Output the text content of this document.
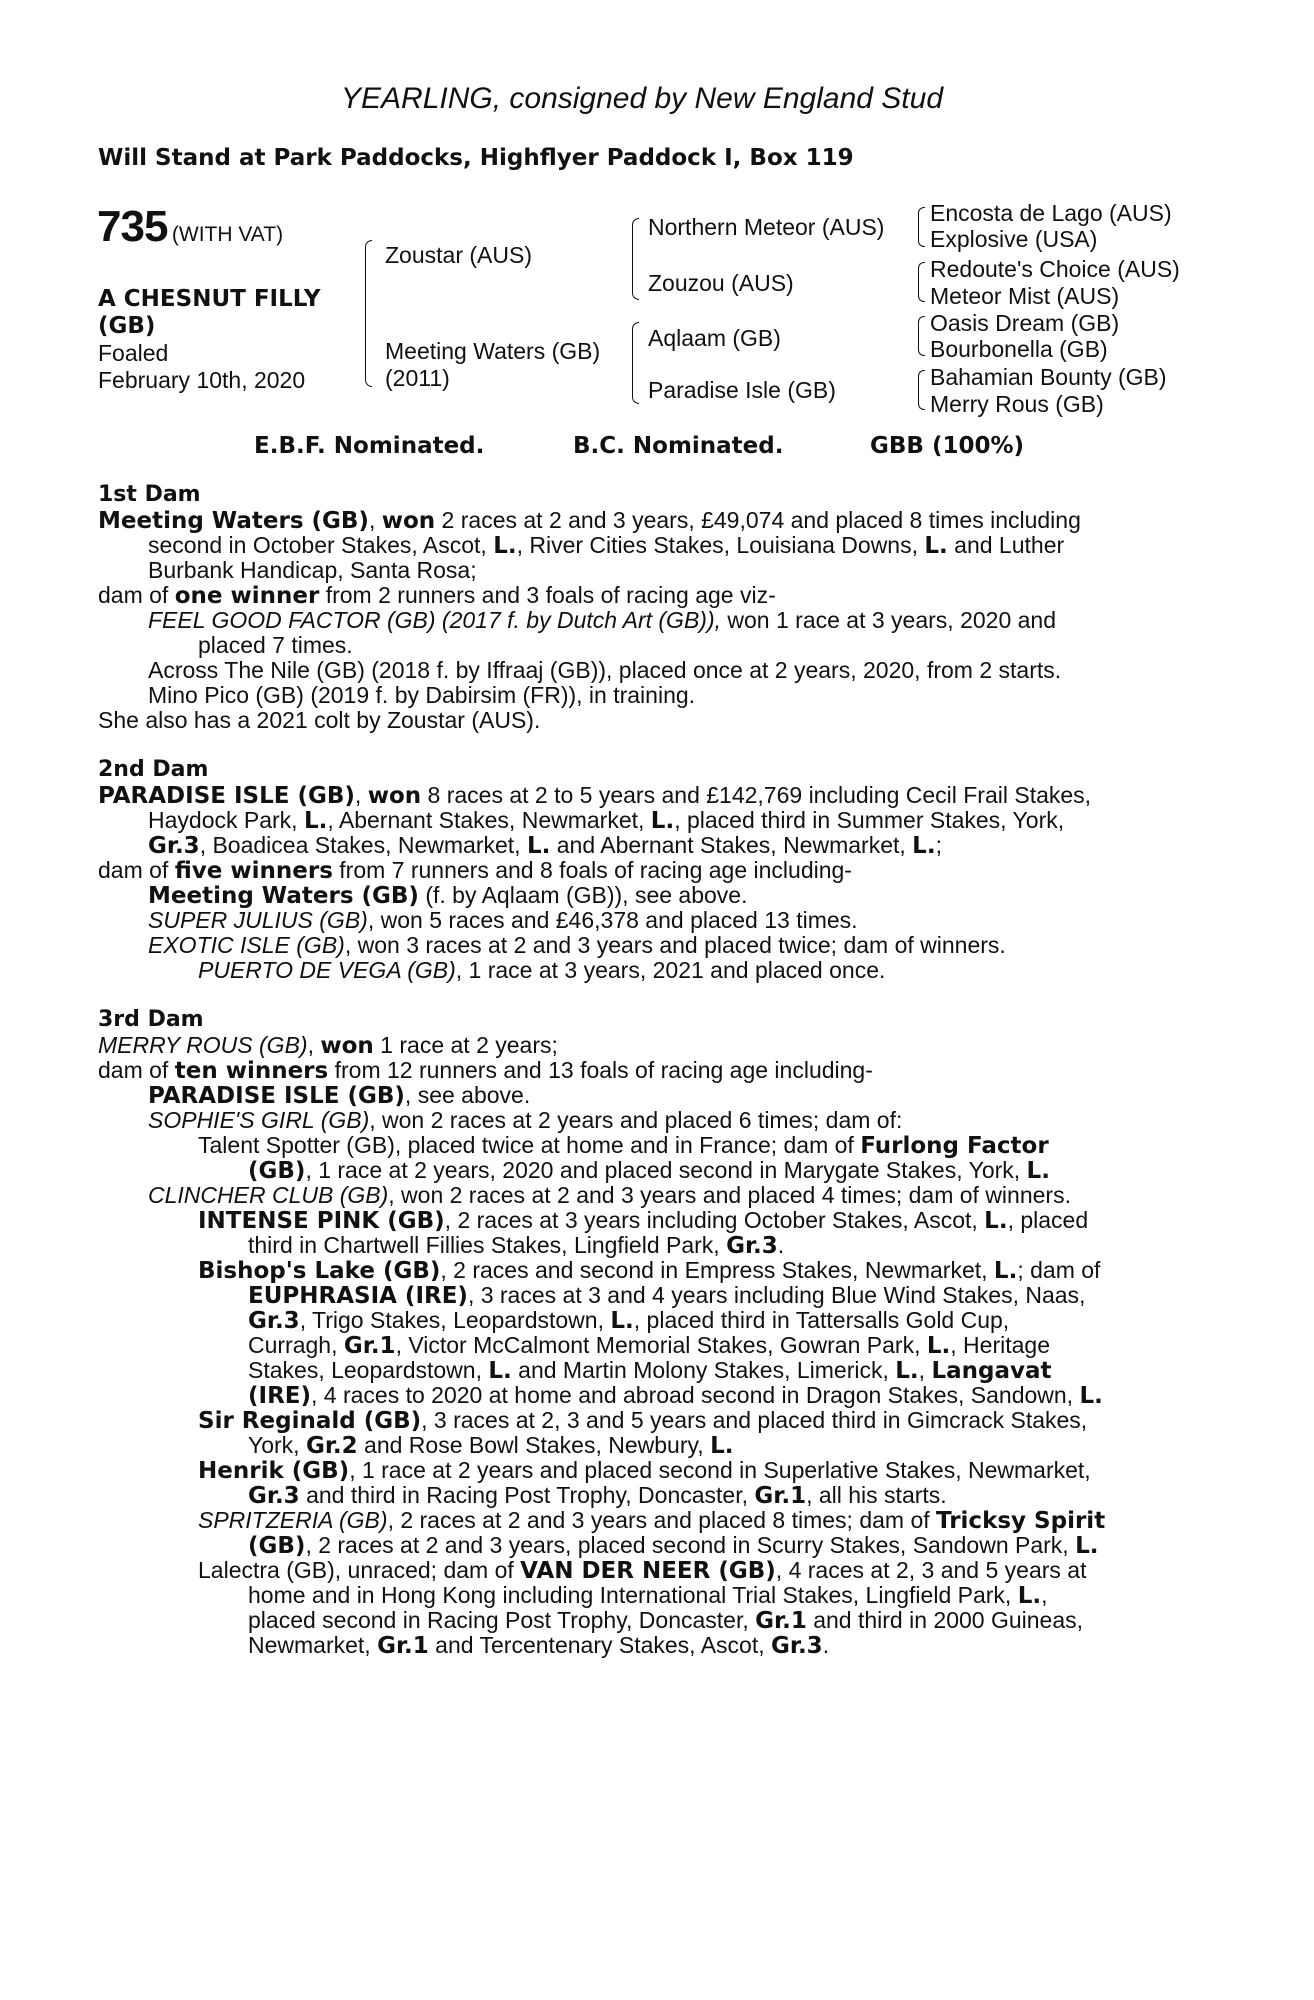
YEARLING, consigned by New England Stud
Will Stand at Park Paddocks, Highflyer Paddock I, Box 119
735 (WITH VAT)
A CHESNUT FILLY
(GB)
Foaled
February 10th, 2020
Zoustar (AUS)
Meeting Waters (GB)
(2011)
Northern Meteor (AUS)
Zouzou (AUS)
Aqlaam (GB)
Paradise Isle (GB)
Encosta de Lago (AUS)
Explosive (USA)
Redoute's Choice (AUS)
Meteor Mist (AUS)
Oasis Dream (GB)
Bourbonella (GB)
Bahamian Bounty (GB)
Merry Rous (GB)
E.B.F. Nominated.	B.C. Nominated.	GBB (100%)
1st Dam
Meeting Waters (GB), won 2 races at 2 and 3 years, £49,074 and placed 8 times including
second in October Stakes, Ascot, L., River Cities Stakes, Louisiana Downs, L. and Luther
Burbank Handicap, Santa Rosa;
dam of one winner from 2 runners and 3 foals of racing age viz-
FEEL GOOD FACTOR (GB) (2017 f. by Dutch Art (GB)), won 1 race at 3 years, 2020 and
placed 7 times.
Across The Nile (GB) (2018 f. by Iffraaj (GB)), placed once at 2 years, 2020, from 2 starts.
Mino Pico (GB) (2019 f. by Dabirsim (FR)), in training.
She also has a 2021 colt by Zoustar (AUS).
2nd Dam
PARADISE ISLE (GB), won 8 races at 2 to 5 years and £142,769 including Cecil Frail Stakes,
Haydock Park, L., Abernant Stakes, Newmarket, L., placed third in Summer Stakes, York,
Gr.3, Boadicea Stakes, Newmarket, L. and Abernant Stakes, Newmarket, L.;
dam of five winners from 7 runners and 8 foals of racing age including-
Meeting Waters (GB) (f. by Aqlaam (GB)), see above.
SUPER JULIUS (GB), won 5 races and £46,378 and placed 13 times.
EXOTIC ISLE (GB), won 3 races at 2 and 3 years and placed twice; dam of winners.
PUERTO DE VEGA (GB), 1 race at 3 years, 2021 and placed once.
3rd Dam
MERRY ROUS (GB), won 1 race at 2 years;
dam of ten winners from 12 runners and 13 foals of racing age including-
PARADISE ISLE (GB), see above.
SOPHIE'S GIRL (GB), won 2 races at 2 years and placed 6 times; dam of:
Talent Spotter (GB), placed twice at home and in France; dam of Furlong Factor
(GB), 1 race at 2 years, 2020 and placed second in Marygate Stakes, York, L.
CLINCHER CLUB (GB), won 2 races at 2 and 3 years and placed 4 times; dam of winners.
INTENSE PINK (GB), 2 races at 3 years including October Stakes, Ascot, L., placed
third in Chartwell Fillies Stakes, Lingfield Park, Gr.3.
Bishop's Lake (GB), 2 races and second in Empress Stakes, Newmarket, L.; dam of
EUPHRASIA (IRE), 3 races at 3 and 4 years including Blue Wind Stakes, Naas,
Gr.3, Trigo Stakes, Leopardstown, L., placed third in Tattersalls Gold Cup,
Curragh, Gr.1, Victor McCalmont Memorial Stakes, Gowran Park, L., Heritage
Stakes, Leopardstown, L. and Martin Molony Stakes, Limerick, L., Langavat
(IRE), 4 races to 2020 at home and abroad second in Dragon Stakes, Sandown, L.
Sir Reginald (GB), 3 races at 2, 3 and 5 years and placed third in Gimcrack Stakes,
York, Gr.2 and Rose Bowl Stakes, Newbury, L.
Henrik (GB), 1 race at 2 years and placed second in Superlative Stakes, Newmarket,
Gr.3 and third in Racing Post Trophy, Doncaster, Gr.1, all his starts.
SPRITZERIA (GB), 2 races at 2 and 3 years and placed 8 times; dam of Tricksy Spirit
(GB), 2 races at 2 and 3 years, placed second in Scurry Stakes, Sandown Park, L.
Lalectra (GB), unraced; dam of VAN DER NEER (GB), 4 races at 2, 3 and 5 years at
home and in Hong Kong including International Trial Stakes, Lingfield Park, L.,
placed second in Racing Post Trophy, Doncaster, Gr.1 and third in 2000 Guineas,
Newmarket, Gr.1 and Tercentenary Stakes, Ascot, Gr.3.
